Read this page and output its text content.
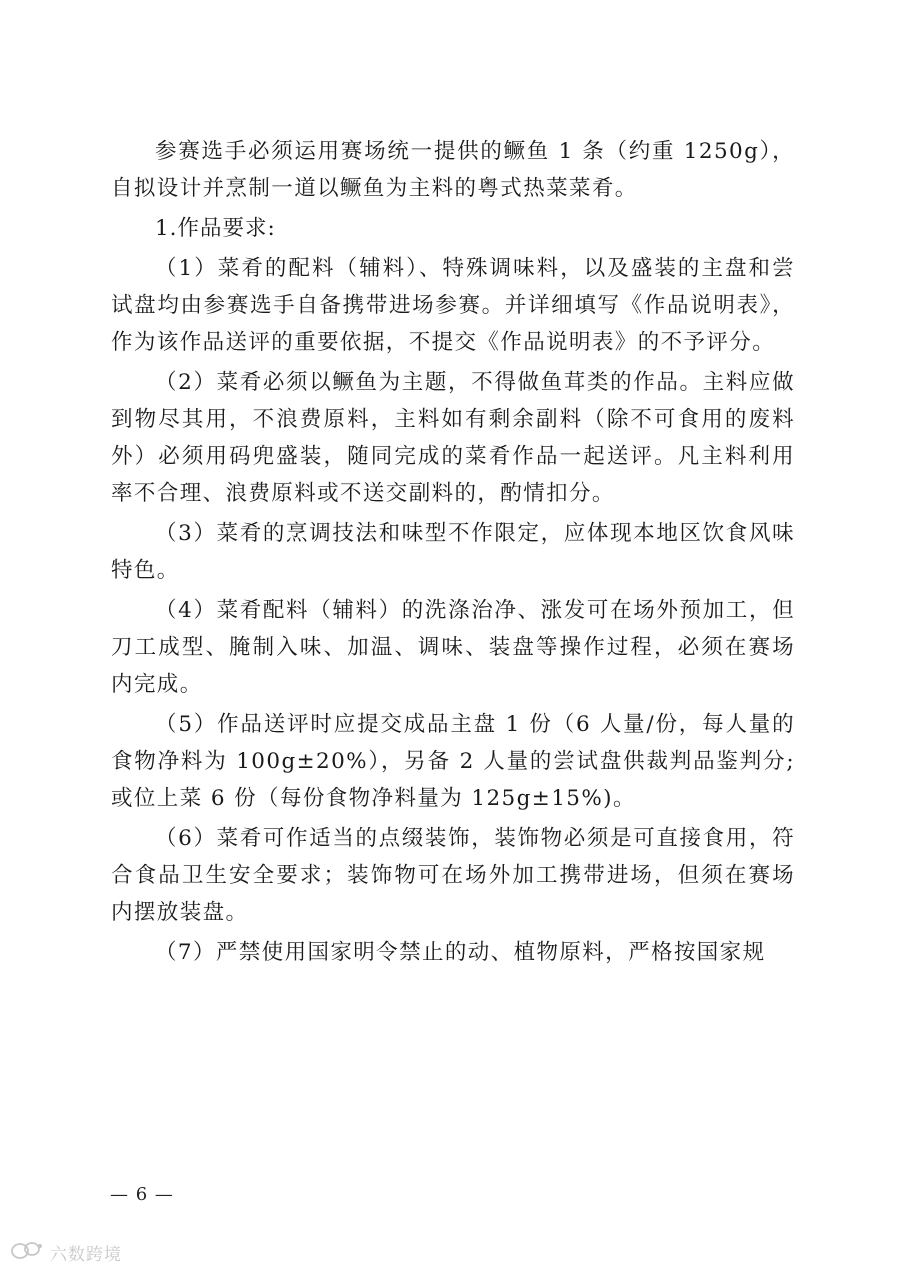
参赛选手必须运用赛场统一提供的鳜鱼 1 条（约重 1250g），自拟设计并烹制一道以鳜鱼为主料的粤式热菜菜肴。

1.作品要求:

（1）菜肴的配料（辅料）、特殊调味料，以及盛装的主盘和尝试盘均由参赛选手自备携带进场参赛。并详细填写《作品说明表》，作为该作品送评的重要依据，不提交《作品说明表》的不予评分。

（2）菜肴必须以鳜鱼为主题，不得做鱼茸类的作品。主料应做到物尽其用，不浪费原料，主料如有剩余副料（除不可食用的废料外）必须用码兜盛装，随同完成的菜肴作品一起送评。凡主料利用率不合理、浪费原料或不送交副料的，酌情扣分。

（3）菜肴的烹调技法和味型不作限定，应体现本地区饮食风味特色。

（4）菜肴配料（辅料）的洗涤治净、涨发可在场外预加工，但刀工成型、腌制入味、加温、调味、装盘等操作过程，必须在赛场内完成。

（5）作品送评时应提交成品主盘 1 份（6 人量/份，每人量的食物净料为 100g±20%），另备 2 人量的尝试盘供裁判品鉴判分;或位上菜 6 份（每份食物净料量为 125g±15%)。

（6）菜肴可作适当的点缀装饰，装饰物必须是可直接食用，符合食品卫生安全要求；装饰物可在场外加工携带进场，但须在赛场内摆放装盘。

（7）严禁使用国家明令禁止的动、植物原料，严格按国家规

— 6 —
六数跨境
